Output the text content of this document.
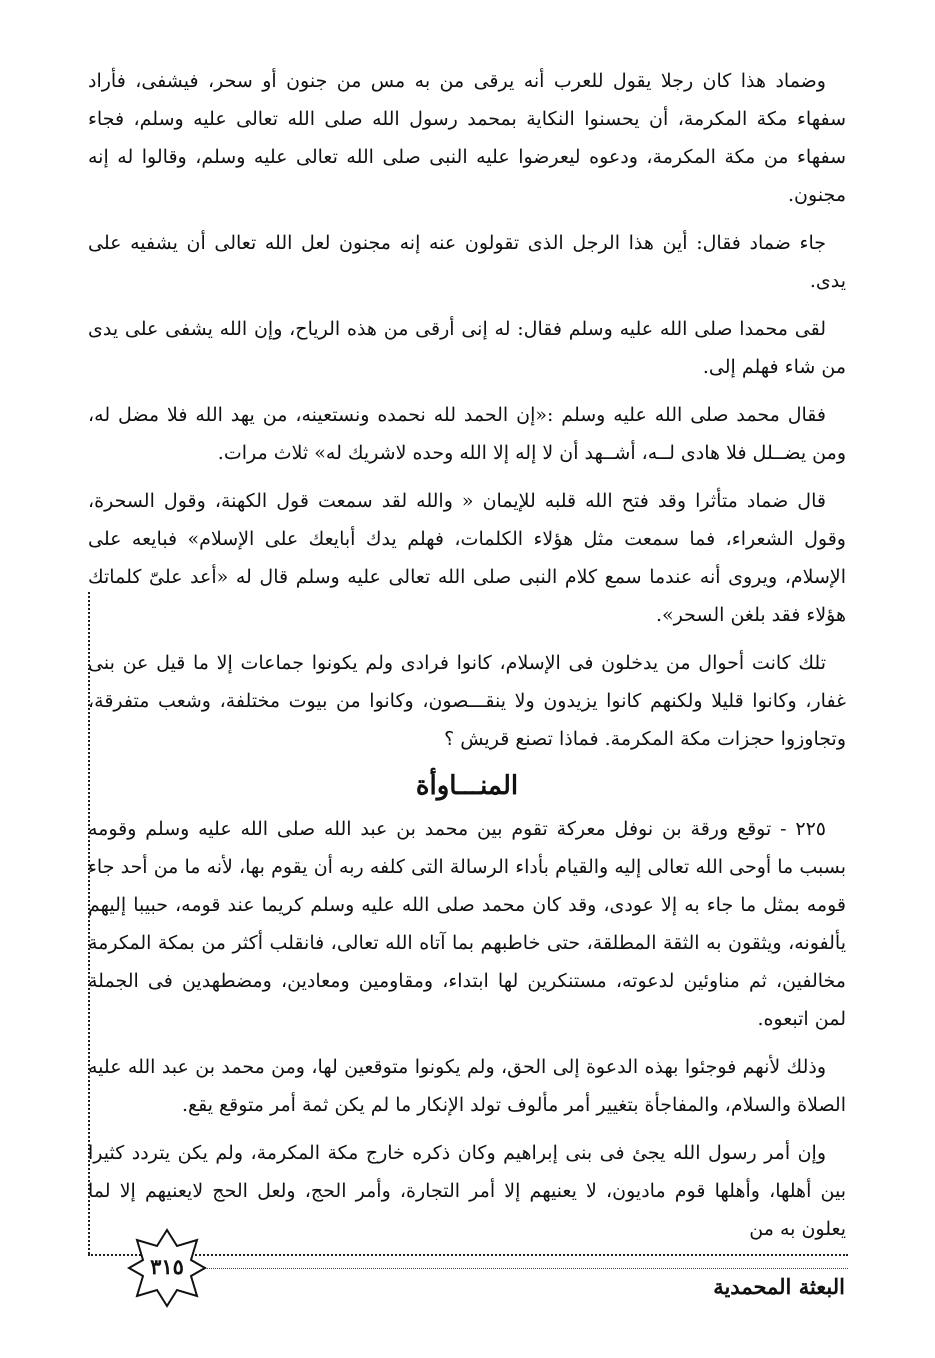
وضماد هذا كان رجلا يقول للعرب أنه يرقى من به مس من جنون أو سحر، فيشفى، فأراد سفهاء مكة المكرمة، أن يحسنوا النكاية بمحمد رسول الله صلى الله تعالى عليه وسلم، فجاء سفهاء من مكة المكرمة، ودعوه ليعرضوا عليه النبى صلى الله تعالى عليه وسلم، وقالوا له إنه مجنون.

جاء ضماد فقال: أين هذا الرجل الذى تقولون عنه إنه مجنون لعل الله تعالى أن يشفيه على يدى.

لقى محمدا صلى الله عليه وسلم فقال: له إنى أرقى من هذه الرياح، وإن الله يشفى على يدى من شاء فهلم إلى.

فقال محمد صلى الله عليه وسلم :«إن الحمد لله نحمده ونستعينه، من يهد الله فلا مضل له، ومن يضــلل فلا هادى لــه، أشــهد أن لا إله إلا الله وحده لاشريك له» ثلاث مرات.

قال ضماد متأثرا وقد فتح الله قلبه للإيمان « والله لقد سمعت قول الكهنة، وقول السحرة، وقول الشعراء، فما سمعت مثل هؤلاء الكلمات، فهلم يدك أبايعك على الإسلام» فبايعه على الإسلام، ويروى أنه عندما سمع كلام النبى صلى الله تعالى عليه وسلم قال له «أعد علىّ كلماتك هؤلاء فقد بلغن السحر».

تلك كانت أحوال من يدخلون فى الإسلام، كانوا فرادى ولم يكونوا جماعات إلا ما قيل عن بنى غفار، وكانوا قليلا ولكنهم كانوا يزيدون ولا ينقـــصون، وكانوا من بيوت مختلفة، وشعب متفرقة، وتجاوزوا حجزات مكة المكرمة. فماذا تصنع قريش ؟

المنـــاوأة

٢٢٥ - توقع ورقة بن نوفل معركة تقوم بين محمد بن عبد الله صلى الله عليه وسلم وقومه بسبب ما أوحى الله تعالى إليه والقيام بأداء الرسالة التى كلفه ربه أن يقوم بها، لأنه ما من أحد جاء قومه بمثل ما جاء به إلا عودى، وقد كان محمد صلى الله عليه وسلم كريما عند قومه، حبيبا إليهم يألفونه، ويثقون به الثقة المطلقة، حتى خاطبهم بما آتاه الله تعالى، فانقلب أكثر من بمكة المكرمة مخالفين، ثم مناوئين لدعوته، مستنكرين لها ابتداء، ومقاومين ومعادين، ومضطهدين فى الجملة لمن اتبعوه.

وذلك لأنهم فوجئوا بهذه الدعوة إلى الحق، ولم يكونوا متوقعين لها، ومن محمد بن عبد الله عليه الصلاة والسلام، والمفاجأة بتغيير أمر مألوف تولد الإنكار ما لم يكن ثمة أمر متوقع يقع.

وإن أمر رسول الله يجئ فى بنى إبراهيم وكان ذكره خارج مكة المكرمة، ولم يكن يتردد كثيرا بين أهلها، وأهلها قوم ماديون، لا يعنيهم إلا أمر التجارة، وأمر الحج، ولعل الحج لايعنيهم إلا لما يعلون به من

٣١٥
البعثة المحمدية
